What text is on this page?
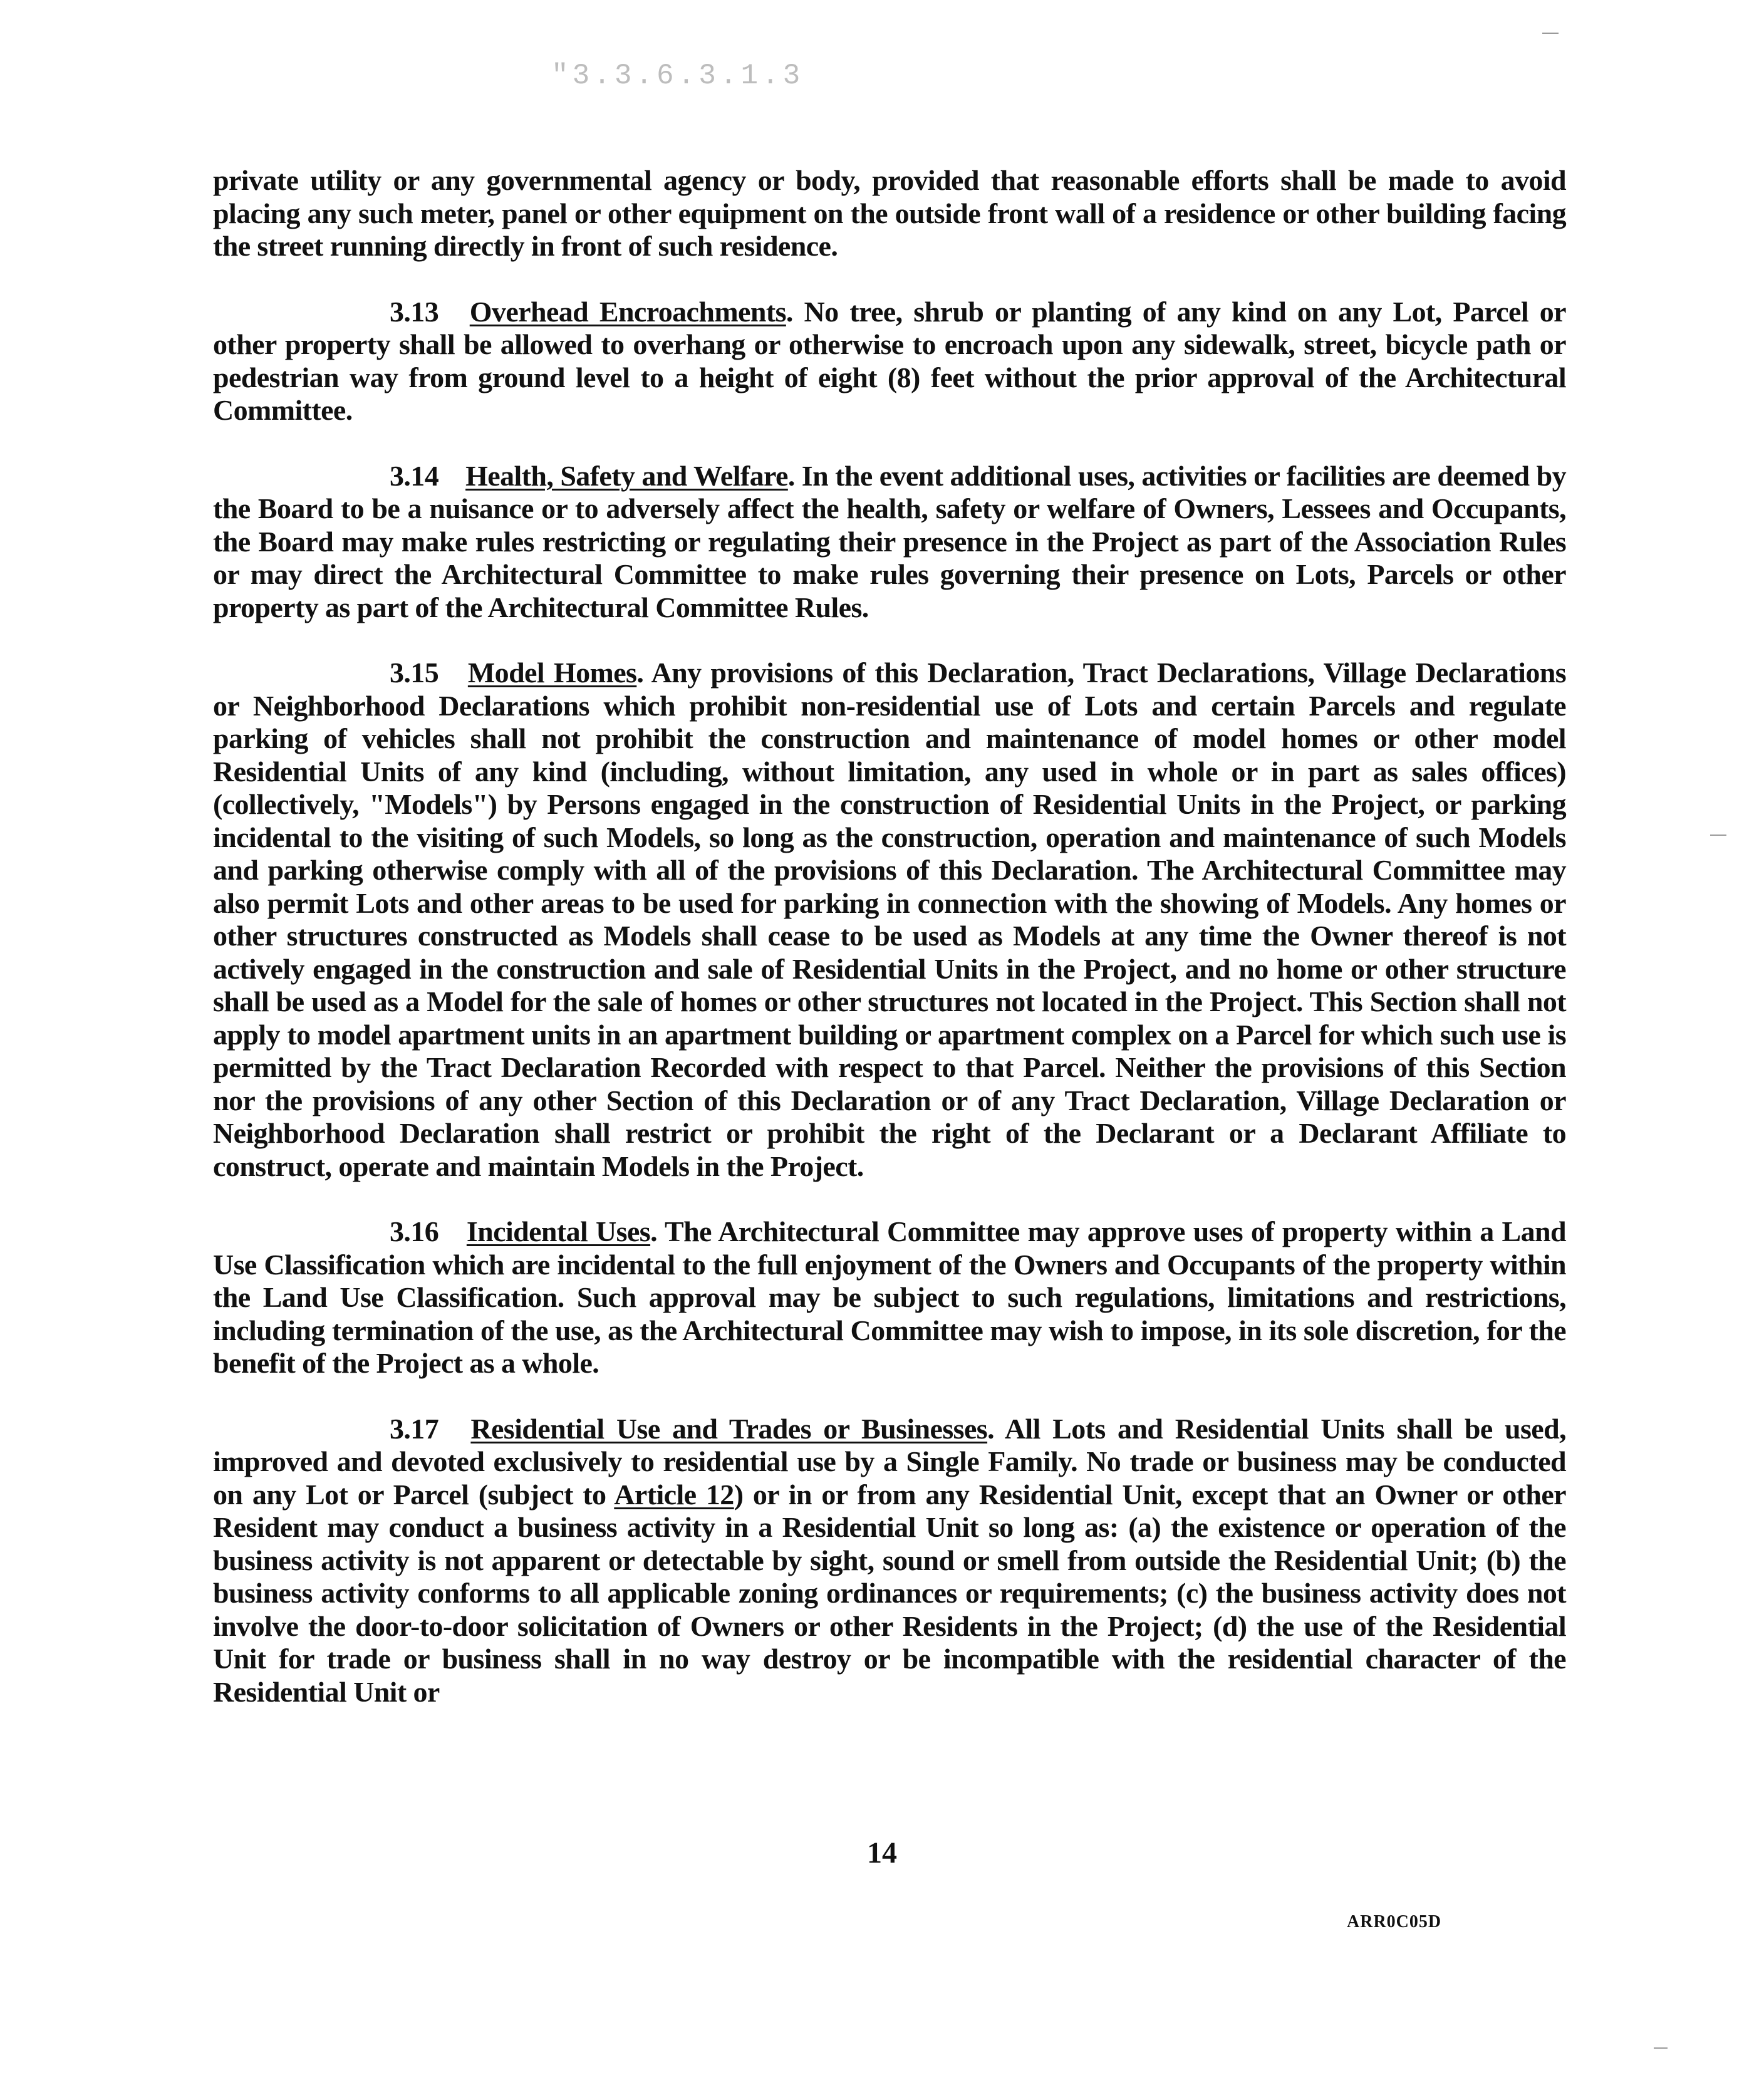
"3.3.6.3.1.3

private utility or any governmental agency or body, provided that reasonable efforts shall be made to avoid placing any such meter, panel or other equipment on the outside front wall of a residence or other building facing the street running directly in front of such residence.

3.13 Overhead Encroachments. No tree, shrub or planting of any kind on any Lot, Parcel or other property shall be allowed to overhang or otherwise to encroach upon any sidewalk, street, bicycle path or pedestrian way from ground level to a height of eight (8) feet without the prior approval of the Architectural Committee.

3.14 Health, Safety and Welfare. In the event additional uses, activities or facilities are deemed by the Board to be a nuisance or to adversely affect the health, safety or welfare of Owners, Lessees and Occupants, the Board may make rules restricting or regulating their presence in the Project as part of the Association Rules or may direct the Architectural Committee to make rules governing their presence on Lots, Parcels or other property as part of the Architectural Committee Rules.

3.15 Model Homes. Any provisions of this Declaration, Tract Declarations, Village Declarations or Neighborhood Declarations which prohibit non-residential use of Lots and certain Parcels and regulate parking of vehicles shall not prohibit the construction and maintenance of model homes or other model Residential Units of any kind (including, without limitation, any used in whole or in part as sales offices) (collectively, "Models") by Persons engaged in the construction of Residential Units in the Project, or parking incidental to the visiting of such Models, so long as the construction, operation and maintenance of such Models and parking otherwise comply with all of the provisions of this Declaration. The Architectural Committee may also permit Lots and other areas to be used for parking in connection with the showing of Models. Any homes or other structures constructed as Models shall cease to be used as Models at any time the Owner thereof is not actively engaged in the construction and sale of Residential Units in the Project, and no home or other structure shall be used as a Model for the sale of homes or other structures not located in the Project. This Section shall not apply to model apartment units in an apartment building or apartment complex on a Parcel for which such use is permitted by the Tract Declaration Recorded with respect to that Parcel. Neither the provisions of this Section nor the provisions of any other Section of this Declaration or of any Tract Declaration, Village Declaration or Neighborhood Declaration shall restrict or prohibit the right of the Declarant or a Declarant Affiliate to construct, operate and maintain Models in the Project.

3.16 Incidental Uses. The Architectural Committee may approve uses of property within a Land Use Classification which are incidental to the full enjoyment of the Owners and Occupants of the property within the Land Use Classification. Such approval may be subject to such regulations, limitations and restrictions, including termination of the use, as the Architectural Committee may wish to impose, in its sole discretion, for the benefit of the Project as a whole.

3.17 Residential Use and Trades or Businesses. All Lots and Residential Units shall be used, improved and devoted exclusively to residential use by a Single Family. No trade or business may be conducted on any Lot or Parcel (subject to Article 12) or in or from any Residential Unit, except that an Owner or other Resident may conduct a business activity in a Residential Unit so long as: (a) the existence or operation of the business activity is not apparent or detectable by sight, sound or smell from outside the Residential Unit; (b) the business activity conforms to all applicable zoning ordinances or requirements; (c) the business activity does not involve the door-to-door solicitation of Owners or other Residents in the Project; (d) the use of the Residential Unit for trade or business shall in no way destroy or be incompatible with the residential character of the Residential Unit or

14
ARR0C05D
